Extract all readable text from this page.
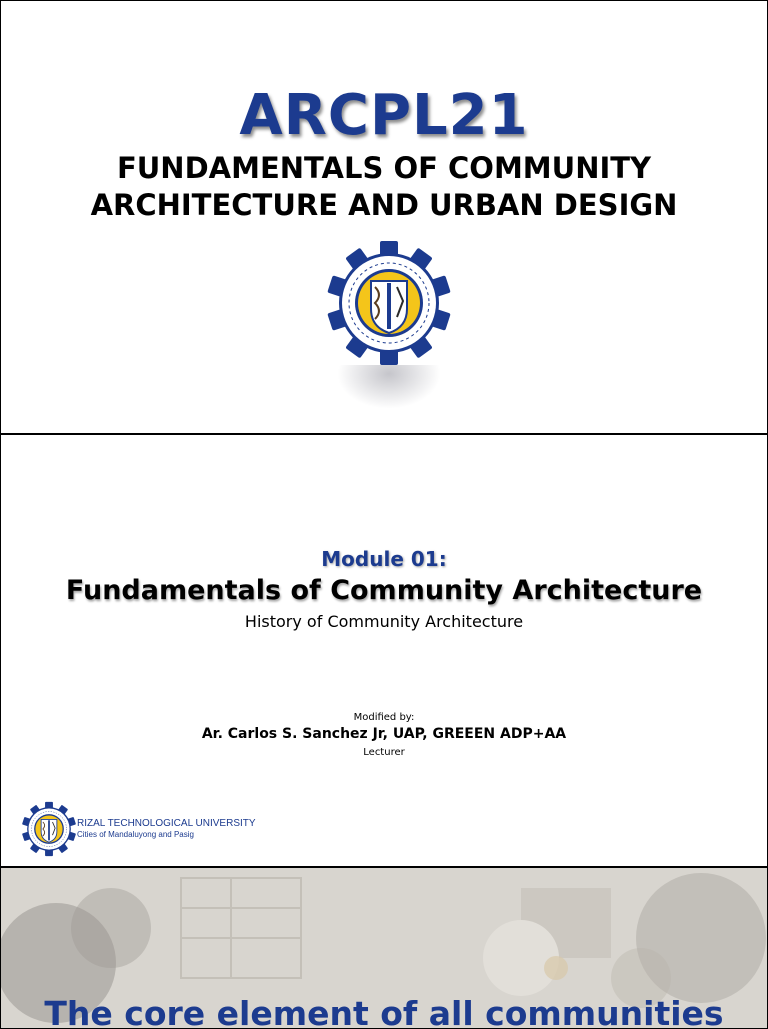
ARCPL21
FUNDAMENTALS OF COMMUNITY
ARCHITECTURE AND URBAN DESIGN
Module 01:
Fundamentals of Community Architecture
History of Community Architecture
Modified by:
Ar. Carlos S. Sanchez Jr, UAP, GREEEN ADP+AA
Lecturer
RIZAL TECHNOLOGICAL UNIVERSITY
Cities of Mandaluyong and Pasig
The core element of all communities
